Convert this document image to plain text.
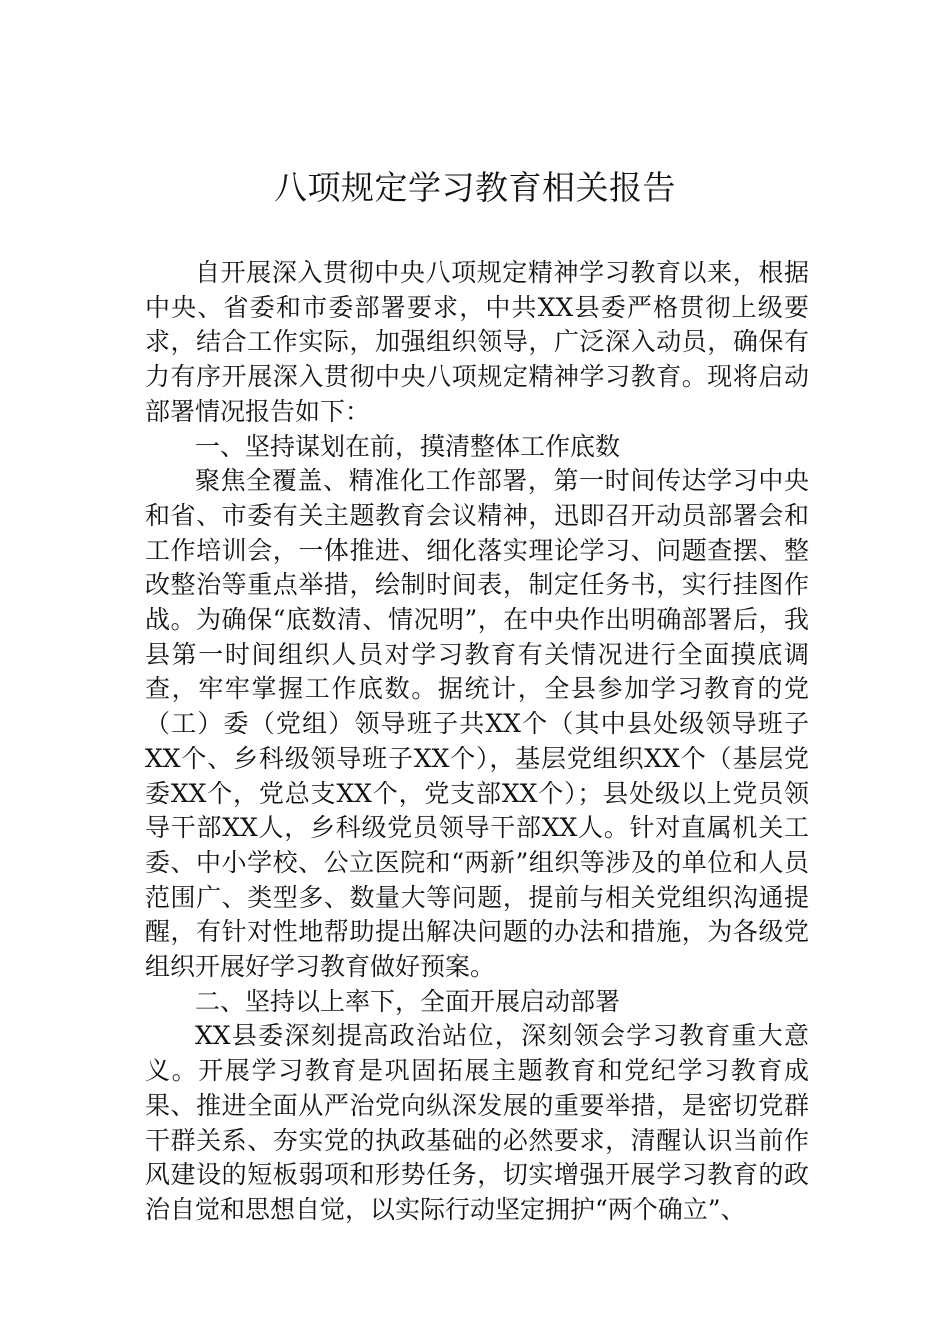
八项规定学习教育相关报告

自开展深入贯彻中央八项规定精神学习教育以来，根据中央、省委和市委部署要求，中共XX县委严格贯彻上级要求，结合工作实际，加强组织领导，广泛深入动员，确保有力有序开展深入贯彻中央八项规定精神学习教育。现将启动部署情况报告如下：

一、坚持谋划在前，摸清整体工作底数

聚焦全覆盖、精准化工作部署，第一时间传达学习中央和省、市委有关主题教育会议精神，迅即召开动员部署会和工作培训会，一体推进、细化落实理论学习、问题查摆、整改整治等重点举措，绘制时间表，制定任务书，实行挂图作战。为确保“底数清、情况明”，在中央作出明确部署后，我县第一时间组织人员对学习教育有关情况进行全面摸底调查，牢牢掌握工作底数。据统计，全县参加学习教育的党（工）委（党组）领导班子共XX个（其中县处级领导班子XX个、乡科级领导班子XX个），基层党组织XX个（基层党委XX个，党总支XX个，党支部XX个）；县处级以上党员领导干部XX人，乡科级党员领导干部XX人。针对直属机关工委、中小学校、公立医院和“两新”组织等涉及的单位和人员范围广、类型多、数量大等问题，提前与相关党组织沟通提醒，有针对性地帮助提出解决问题的办法和措施，为各级党组织开展好学习教育做好预案。

二、坚持以上率下，全面开展启动部署

XX县委深刻提高政治站位，深刻领会学习教育重大意义。开展学习教育是巩固拓展主题教育和党纪学习教育成果、推进全面从严治党向纵深发展的重要举措，是密切党群干群关系、夯实党的执政基础的必然要求，清醒认识当前作风建设的短板弱项和形势任务，切实增强开展学习教育的政治自觉和思想自觉，以实际行动坚定拥护“两个确立”、
